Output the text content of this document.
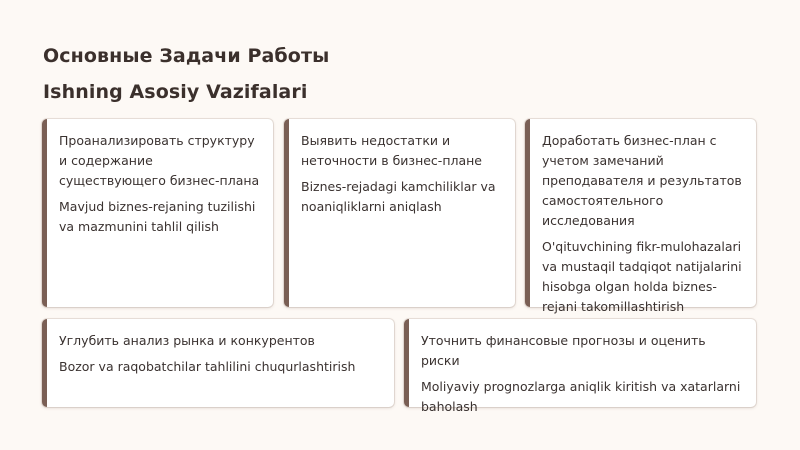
Основные Задачи Работы
Ishning Asosiy Vazifalari
Проанализировать структуру и содержание существующего бизнес-плана
Mavjud biznes-rejaning tuzilishi va mazmunini tahlil qilish
Выявить недостатки и неточности в бизнес-плане
Biznes-rejadagi kamchiliklar va noaniqliklarni aniqlash
Доработать бизнес-план с учетом замечаний преподавателя и результатов самостоятельного исследования
O'qituvchining fikr-mulohazalari va mustaqil tadqiqot natijalarini hisobga olgan holda biznes-rejani takomillashtirish
Углубить анализ рынка и конкурентов
Bozor va raqobatchilar tahlilini chuqurlashtirish
Уточнить финансовые прогнозы и оценить риски
Moliyaviy prognozlarga aniqlik kiritish va xatarlarni baholash
